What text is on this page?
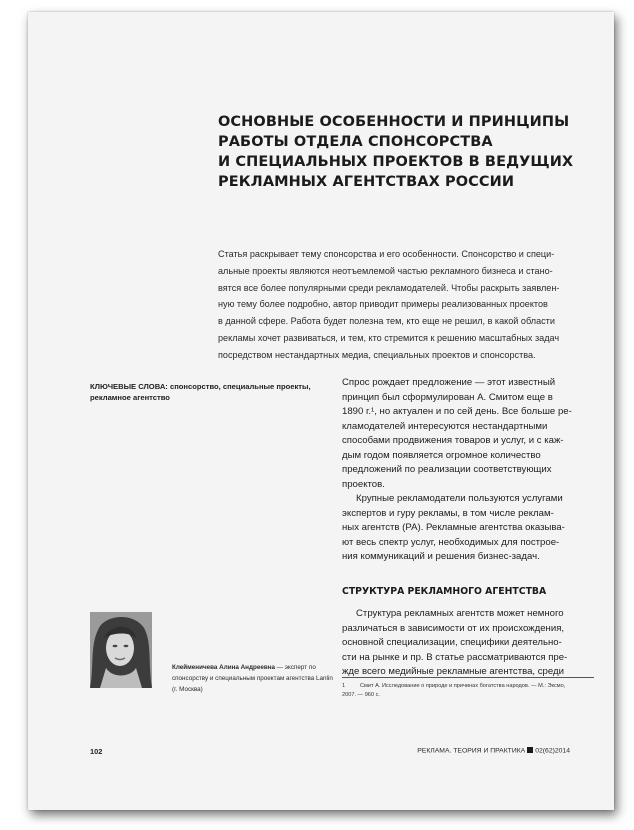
ОСНОВНЫЕ ОСОБЕННОСТИ И ПРИНЦИПЫ
РАБОТЫ ОТДЕЛА СПОНСОРСТВА
И СПЕЦИАЛЬНЫХ ПРОЕКТОВ В ВЕДУЩИХ
РЕКЛАМНЫХ АГЕНТСТВАХ РОССИИ
Статья раскрывает тему спонсорства и его особенности. Спонсорство и специ-
альные проекты являются неотъемлемой частью рекламного бизнеса и стано-
вятся все более популярными среди рекламодателей. Чтобы раскрыть заявлен-
ную тему более подробно, автор приводит примеры реализованных проектов
в данной сфере. Работа будет полезна тем, кто еще не решил, в какой области
рекламы хочет развиваться, и тем, кто стремится к решению масштабных задач
посредством нестандартных медиа, специальных проектов и спонсорства.
КЛЮЧЕВЫЕ СЛОВА: спонсорство, специальные проекты, рекламное агентство
Спрос рождает предложение — этот известный
принцип был сформулирован А. Смитом еще в
1890 г.¹, но актуален и по сей день. Все больше ре-
кламодателей интересуются нестандартными
способами продвижения товаров и услуг, и с каж-
дым годом появляется огромное количество
предложений по реализации соответствующих
проектов.
Крупные рекламодатели пользуются услугами
экспертов и гуру рекламы, в том числе реклам-
ных агентств (РА). Рекламные агентства оказыва-
ют весь спектр услуг, необходимых для построе-
ния коммуникаций и решения бизнес-задач.
СТРУКТУРА РЕКЛАМНОГО АГЕНТСТВА
Структура рекламных агентств может немного
различаться в зависимости от их происхождения,
основной специализации, специфики деятельно-
сти на рынке и пр. В статье рассматриваются пре-
жде всего медийные рекламные агентства, среди
1	Смит А. Исследование о природе и причинах богатства народов. — М.: Эксмо,
2007. — 960 с.
Клейменичева Алина Андреевна — эксперт по
спонсорству и специальным проектам агентства Lanlin
(г. Москва)
102	РЕКЛАМА. ТЕОРИЯ И ПРАКТИКА 02(62)2014
